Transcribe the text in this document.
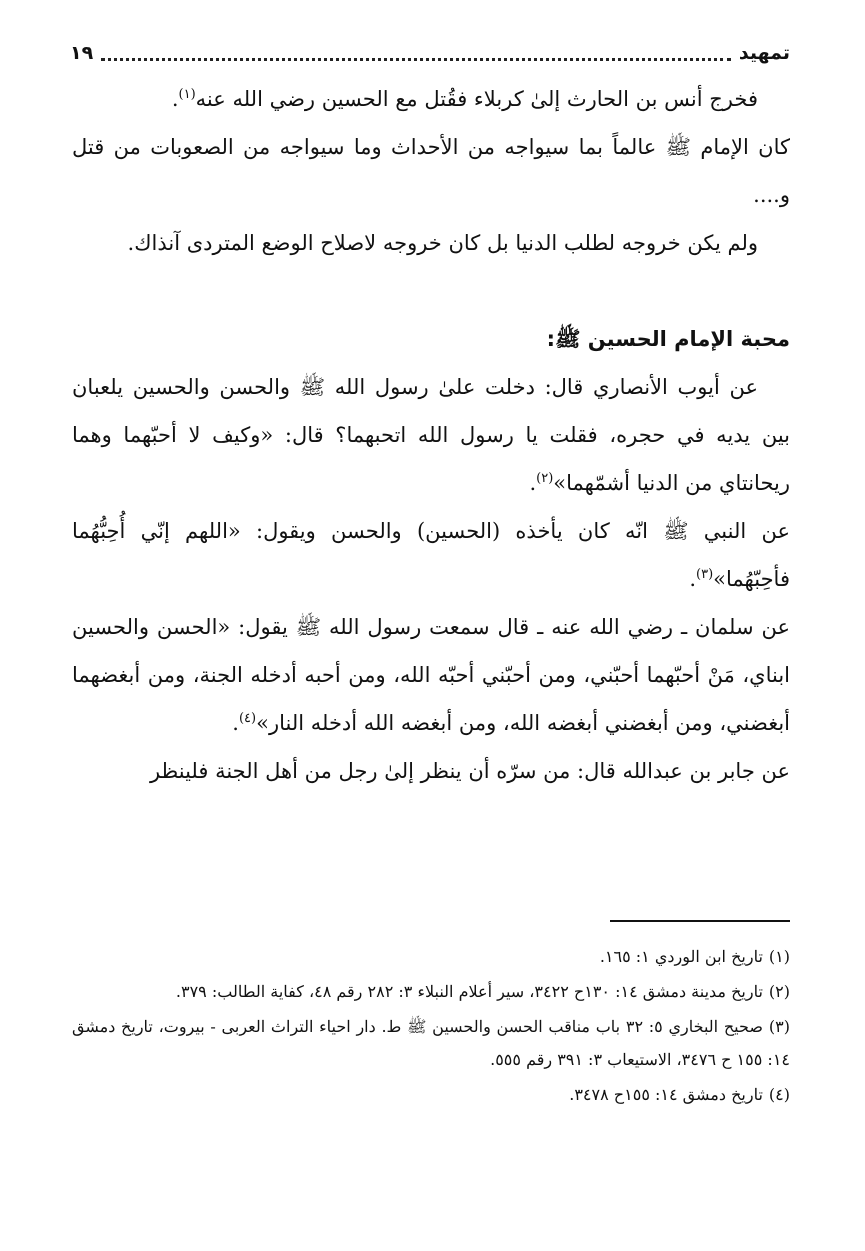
تمهيد
١٩

فخرج أنس بن الحارث إلىٰ كربلاء فقُتل مع الحسين رضي الله عنه$^{(١)}$.

كان الإمام ﷺ عالماً بما سيواجه من الأحداث وما سيواجه من الصعوبات من قتل و....

ولم يكن خروجه لطلب الدنيا بل كان خروجه لاصلاح الوضع المتردى آنذاك.

محبة الإمام الحسين ﷺ:

عن أيوب الأنصاري قال: دخلت علىٰ رسول الله ﷺ والحسن والحسين يلعبان بين يديه في حجره، فقلت يا رسول الله اتحبهما؟ قال: «وكيف لا أحبّهما وهما ريحانتاي من الدنيا أشمّهما»$^{(٢)}$.

عن النبي ﷺ انّه كان يأخذه (الحسين) والحسن ويقول: «اللهم إنّي أُحِبُّهُما فأحِبّهُما»$^{(٣)}$.

عن سلمان ـ رضي الله عنه ـ قال سمعت رسول الله ﷺ يقول: «الحسن والحسين ابناي، مَنْ أحبّهما أحبّني، ومن أحبّني أحبّه الله، ومن أحبه أدخله الجنة، ومن أبغضهما أبغضني، ومن أبغضني أبغضه الله، ومن أبغضه الله أدخله النار»$^{(٤)}$.

عن جابر بن عبدالله قال: من سرّه أن ينظر إلىٰ رجل من أهل الجنة فلينظر

(١)تاريخ ابن الوردي ١: ١٦٥.

(٢)تاريخ مدينة دمشق ١٤: ١٣٠ح ٣٤٢٢، سير أعلام النبلاء ٣: ٢٨٢ رقم ٤٨، كفاية الطالب: ٣٧٩.

(٣)صحيح البخاري ٥: ٣٢ باب مناقب الحسن والحسين ﷺ ط. دار احياء التراث العربى - بيروت، تاريخ دمشق ١٤: ١٥٥ ح ٣٤٧٦، الاستيعاب ٣: ٣٩١ رقم ٥٥٥.

(٤)تاريخ دمشق ١٤: ١٥٥ح ٣٤٧٨.
